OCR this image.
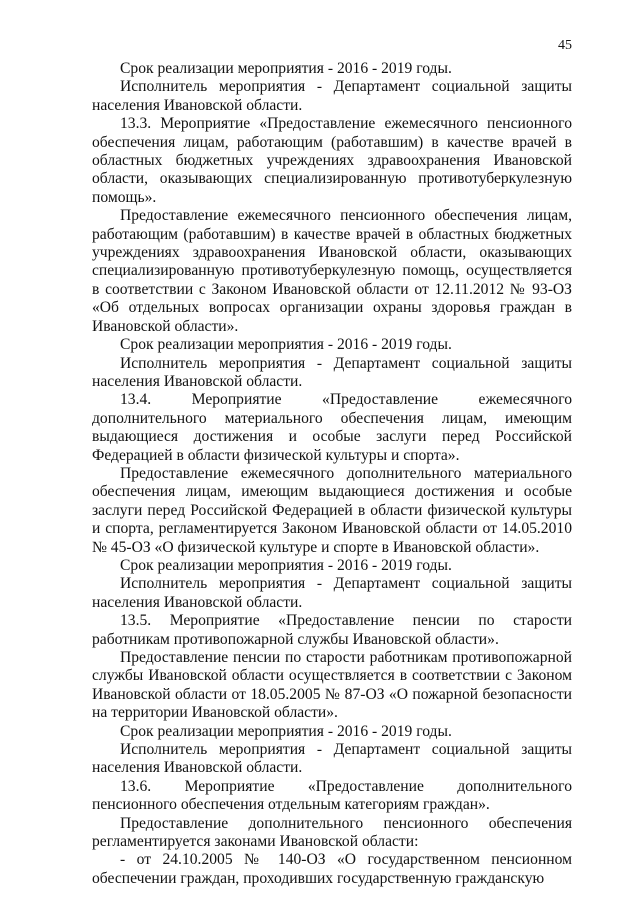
45

Срок реализации мероприятия - 2016 - 2019 годы.

Исполнитель мероприятия - Департамент социальной защиты населения Ивановской области.

13.3. Мероприятие «Предоставление ежемесячного пенсионного обеспечения лицам, работающим (работавшим) в качестве врачей в областных бюджетных учреждениях здравоохранения Ивановской области, оказывающих специализированную противотуберкулезную помощь».

Предоставление ежемесячного пенсионного обеспечения лицам, работающим (работавшим) в качестве врачей в областных бюджетных учреждениях здравоохранения Ивановской области, оказывающих специализированную противотуберкулезную помощь, осуществляется в соответствии с Законом Ивановской области от 12.11.2012 № 93-ОЗ «Об отдельных вопросах организации охраны здоровья граждан в Ивановской области».

Срок реализации мероприятия - 2016 - 2019 годы.

Исполнитель мероприятия - Департамент социальной защиты населения Ивановской области.

13.4. Мероприятие «Предоставление ежемесячного дополнительного материального обеспечения лицам, имеющим выдающиеся достижения и особые заслуги перед Российской Федерацией в области физической культуры и спорта».

Предоставление ежемесячного дополнительного материального обеспечения лицам, имеющим выдающиеся достижения и особые заслуги перед Российской Федерацией в области физической культуры и спорта, регламентируется Законом Ивановской области от 14.05.2010 № 45-ОЗ «О физической культуре и спорте в Ивановской области».

Срок реализации мероприятия - 2016 - 2019 годы.

Исполнитель мероприятия - Департамент социальной защиты населения Ивановской области.

13.5. Мероприятие «Предоставление пенсии по старости работникам противопожарной службы Ивановской области».

Предоставление пенсии по старости работникам противопожарной службы Ивановской области осуществляется в соответствии с Законом Ивановской области от 18.05.2005 № 87-ОЗ «О пожарной безопасности на территории Ивановской области».

Срок реализации мероприятия - 2016 - 2019 годы.

Исполнитель мероприятия - Департамент социальной защиты населения Ивановской области.

13.6. Мероприятие «Предоставление дополнительного пенсионного обеспечения отдельным категориям граждан».

Предоставление дополнительного пенсионного обеспечения регламентируется законами Ивановской области:

- от 24.10.2005 № 140-ОЗ «О государственном пенсионном обеспечении граждан, проходивших государственную гражданскую
